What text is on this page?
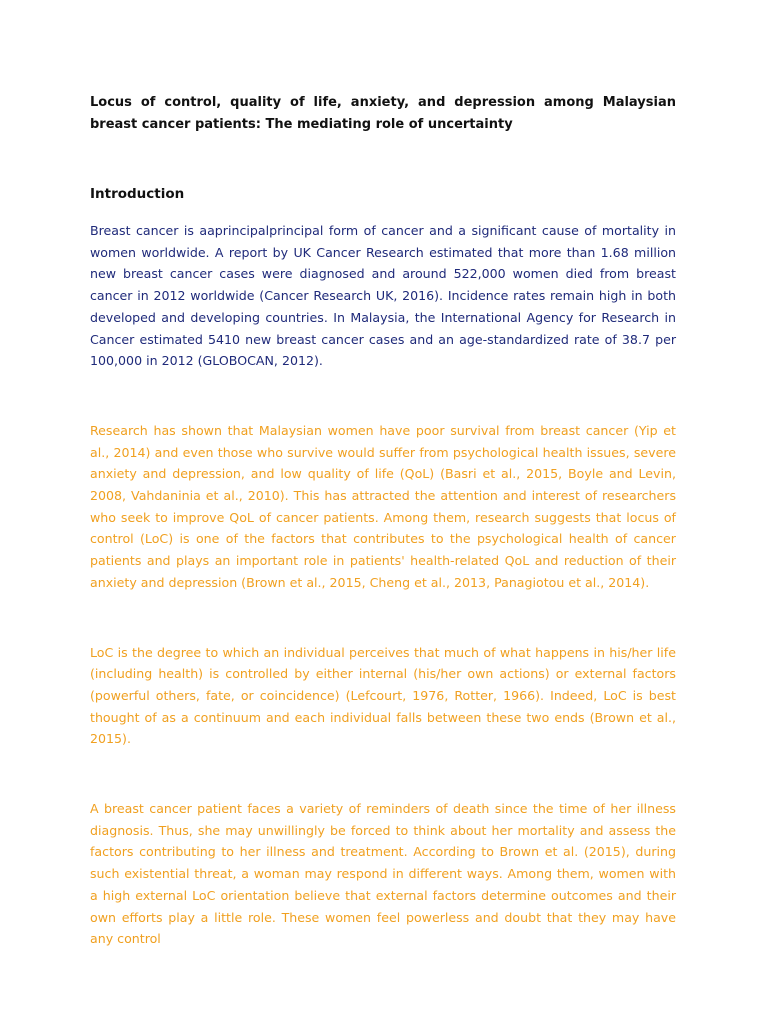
Locus of control, quality of life, anxiety, and depression among Malaysian breast cancer patients: The mediating role of uncertainty

Introduction

Breast cancer is aaprincipalprincipal form of cancer and a significant cause of mortality in women worldwide. A report by UK Cancer Research estimated that more than 1.68 million new breast cancer cases were diagnosed and around 522,000 women died from breast cancer in 2012 worldwide (Cancer Research UK, 2016). Incidence rates remain high in both developed and developing countries. In Malaysia, the International Agency for Research in Cancer estimated 5410 new breast cancer cases and an age-standardized rate of 38.7 per 100,000 in 2012 (GLOBOCAN, 2012).

Research has shown that Malaysian women have poor survival from breast cancer (Yip et al., 2014) and even those who survive would suffer from psychological health issues, severe anxiety and depression, and low quality of life (QoL) (Basri et al., 2015, Boyle and Levin, 2008, Vahdaninia et al., 2010). This has attracted the attention and interest of researchers who seek to improve QoL of cancer patients. Among them, research suggests that locus of control (LoC) is one of the factors that contributes to the psychological health of cancer patients and plays an important role in patients' health-related QoL and reduction of their anxiety and depression (Brown et al., 2015, Cheng et al., 2013, Panagiotou et al., 2014).

LoC is the degree to which an individual perceives that much of what happens in his/her life (including health) is controlled by either internal (his/her own actions) or external factors (powerful others, fate, or coincidence) (Lefcourt, 1976, Rotter, 1966). Indeed, LoC is best thought of as a continuum and each individual falls between these two ends (Brown et al., 2015).

A breast cancer patient faces a variety of reminders of death since the time of her illness diagnosis. Thus, she may unwillingly be forced to think about her mortality and assess the factors contributing to her illness and treatment. According to Brown et al. (2015), during such existential threat, a woman may respond in different ways. Among them, women with a high external LoC orientation believe that external factors determine outcomes and their own efforts play a little role. These women feel powerless and doubt that they may have any control
